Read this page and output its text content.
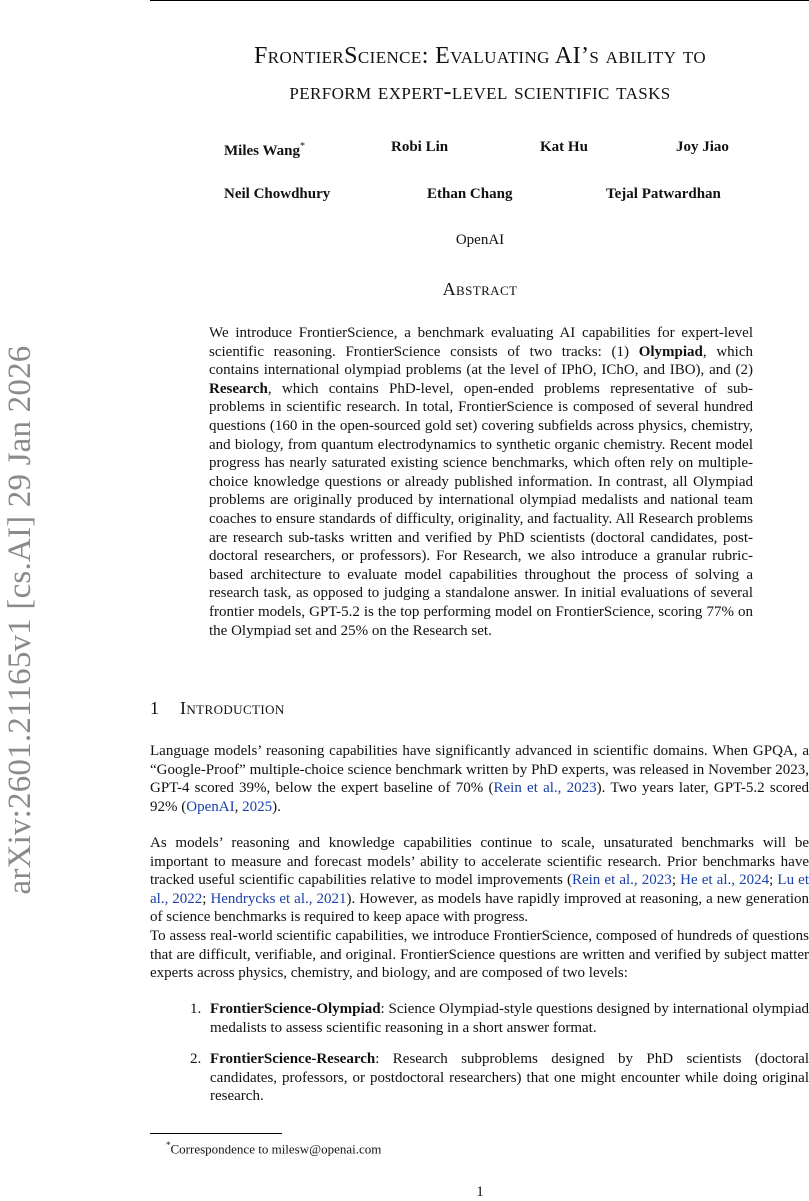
arXiv:2601.21165v1 [cs.AI] 29 Jan 2026
FrontierScience: Evaluating AI’s ability to
perform expert-level scientific tasks
Miles Wang*	Robi Lin	Kat Hu	Joy Jiao
Neil Chowdhury	Ethan Chang	Tejal Patwardhan
OpenAI
Abstract

We introduce FrontierScience, a benchmark evaluating AI capabilities for expert-level scientific reasoning. FrontierScience consists of two tracks: (1) Olympiad, which contains international olympiad problems (at the level of IPhO, IChO, and IBO), and (2) Research, which contains PhD-level, open-ended problems representative of sub-problems in scientific research. In total, FrontierScience is composed of several hundred questions (160 in the open-sourced gold set) covering subfields across physics, chemistry, and biology, from quantum electrodynamics to synthetic organic chemistry. Recent model progress has nearly saturated existing science benchmarks, which often rely on multiple-choice knowledge questions or already published information. In contrast, all Olympiad problems are originally produced by international olympiad medalists and national team coaches to ensure standards of difficulty, originality, and factuality. All Research problems are research sub-tasks written and verified by PhD scientists (doctoral candidates, post-doctoral researchers, or professors). For Research, we also introduce a granular rubric-based architecture to evaluate model capabilities throughout the process of solving a research task, as opposed to judging a standalone answer. In initial evaluations of several frontier models, GPT-5.2 is the top performing model on FrontierScience, scoring 77% on the Olympiad set and 25% on the Research set.

1 Introduction

Language models’ reasoning capabilities have significantly advanced in scientific domains. When GPQA, a “Google-Proof” multiple-choice science benchmark written by PhD experts, was released in November 2023, GPT-4 scored 39%, below the expert baseline of 70% (Rein et al., 2023). Two years later, GPT-5.2 scored 92% (OpenAI, 2025).

As models’ reasoning and knowledge capabilities continue to scale, unsaturated benchmarks will be important to measure and forecast models’ ability to accelerate scientific research. Prior benchmarks have tracked useful scientific capabilities relative to model improvements (Rein et al., 2023; He et al., 2024; Lu et al., 2022; Hendrycks et al., 2021). However, as models have rapidly improved at reasoning, a new generation of science benchmarks is required to keep apace with progress.

To assess real-world scientific capabilities, we introduce FrontierScience, composed of hundreds of questions that are difficult, verifiable, and original. FrontierScience questions are written and verified by subject matter experts across physics, chemistry, and biology, and are composed of two levels:

1. FrontierScience-Olympiad: Science Olympiad-style questions designed by international olympiad medalists to assess scientific reasoning in a short answer format.
2. FrontierScience-Research: Research subproblems designed by PhD scientists (doctoral candidates, professors, or postdoctoral researchers) that one might encounter while doing original research.
*Correspondence to milesw@openai.com
1
